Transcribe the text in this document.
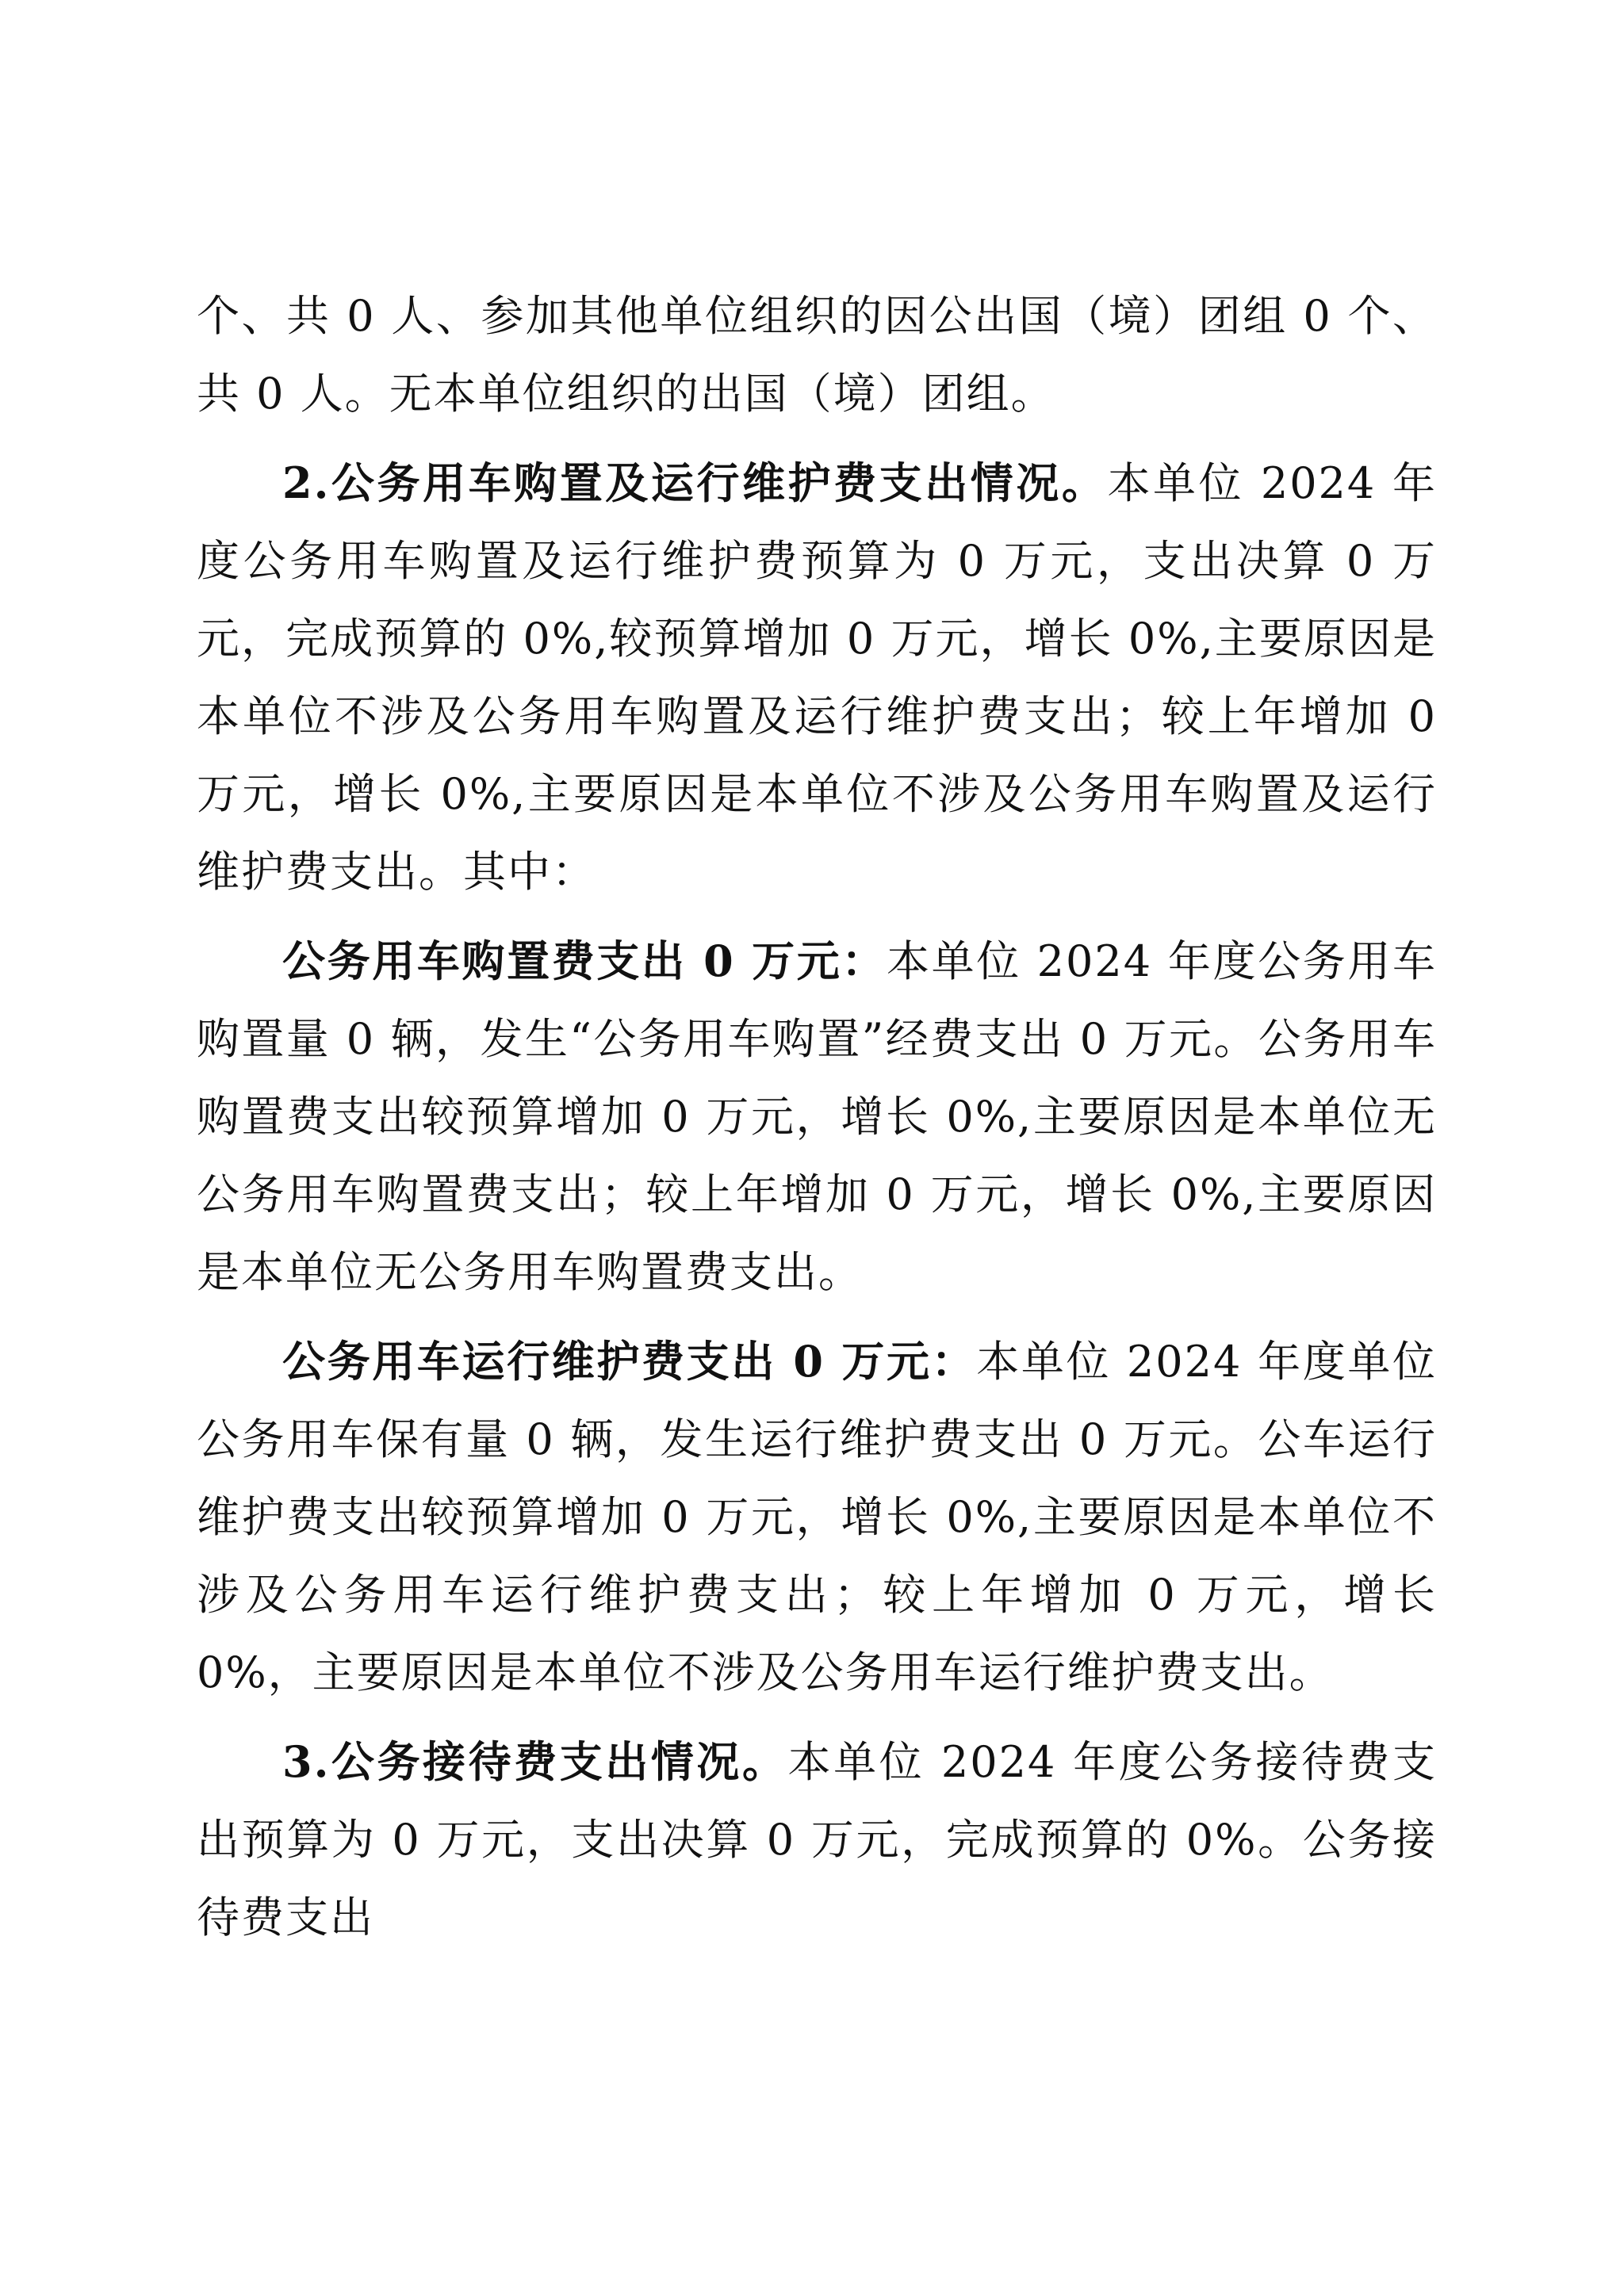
个、共 0 人、参加其他单位组织的因公出国（境）团组 0 个、共 0 人。无本单位组织的出国（境）团组。

2.公务用车购置及运行维护费支出情况。本单位 2024 年度公务用车购置及运行维护费预算为 0 万元，支出决算 0 万元，完成预算的 0%,较预算增加 0 万元，增长 0%,主要原因是本单位不涉及公务用车购置及运行维护费支出；较上年增加 0 万元，增长 0%,主要原因是本单位不涉及公务用车购置及运行维护费支出。其中：

公务用车购置费支出 0 万元：本单位 2024 年度公务用车购置量 0 辆，发生“公务用车购置”经费支出 0 万元。公务用车购置费支出较预算增加 0 万元，增长 0%,主要原因是本单位无公务用车购置费支出；较上年增加 0 万元，增长 0%,主要原因是本单位无公务用车购置费支出。

公务用车运行维护费支出 0 万元：本单位 2024 年度单位公务用车保有量 0 辆，发生运行维护费支出 0 万元。公车运行维护费支出较预算增加 0 万元，增长 0%,主要原因是本单位不涉及公务用车运行维护费支出；较上年增加 0 万元，增长 0%，主要原因是本单位不涉及公务用车运行维护费支出。

3.公务接待费支出情况。本单位 2024 年度公务接待费支出预算为 0 万元，支出决算 0 万元，完成预算的 0%。公务接待费支出
